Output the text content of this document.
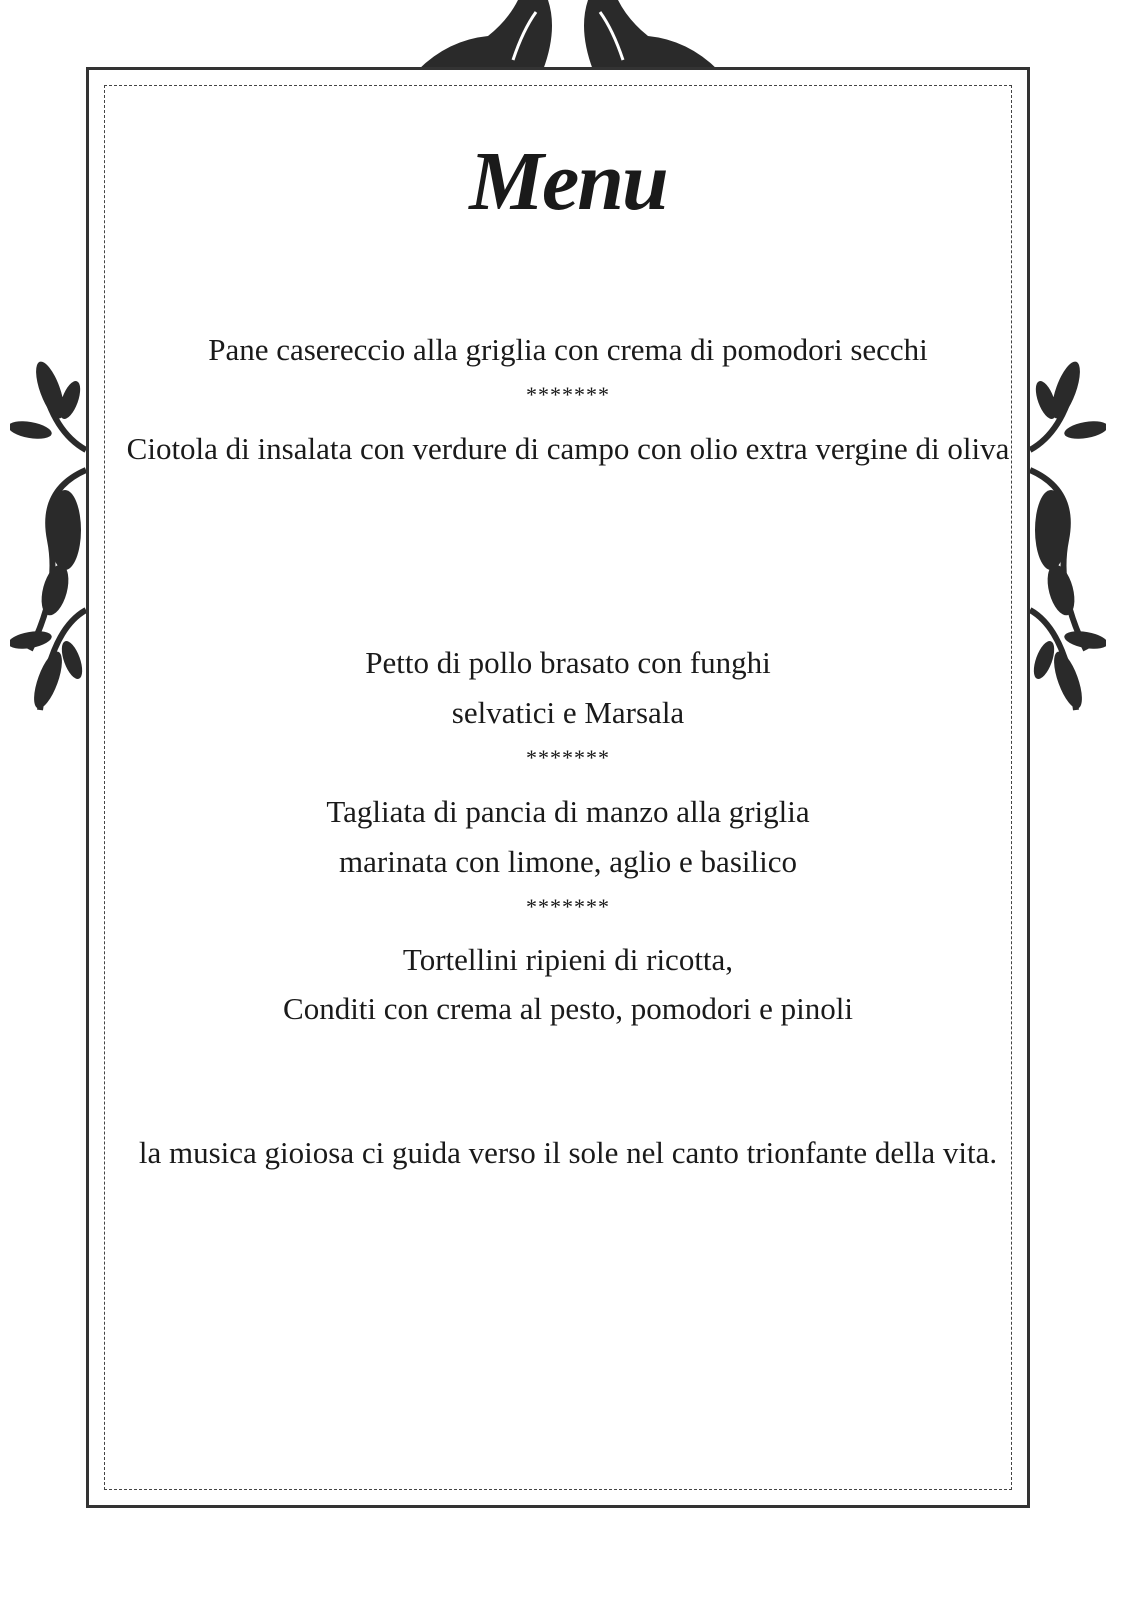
Menu
Pane casereccio alla griglia con crema di pomodori secchi
*******
Ciotola di insalata con verdure di campo con olio extra vergine di oliva
Petto di pollo brasato con funghi
selvatici e Marsala
*******
Tagliata di pancia di manzo alla griglia
marinata con limone, aglio e basilico
*******
Tortellini ripieni di ricotta,
Conditi con crema al pesto, pomodori e pinoli
la musica gioiosa ci guida verso il sole nel canto trionfante della vita.
